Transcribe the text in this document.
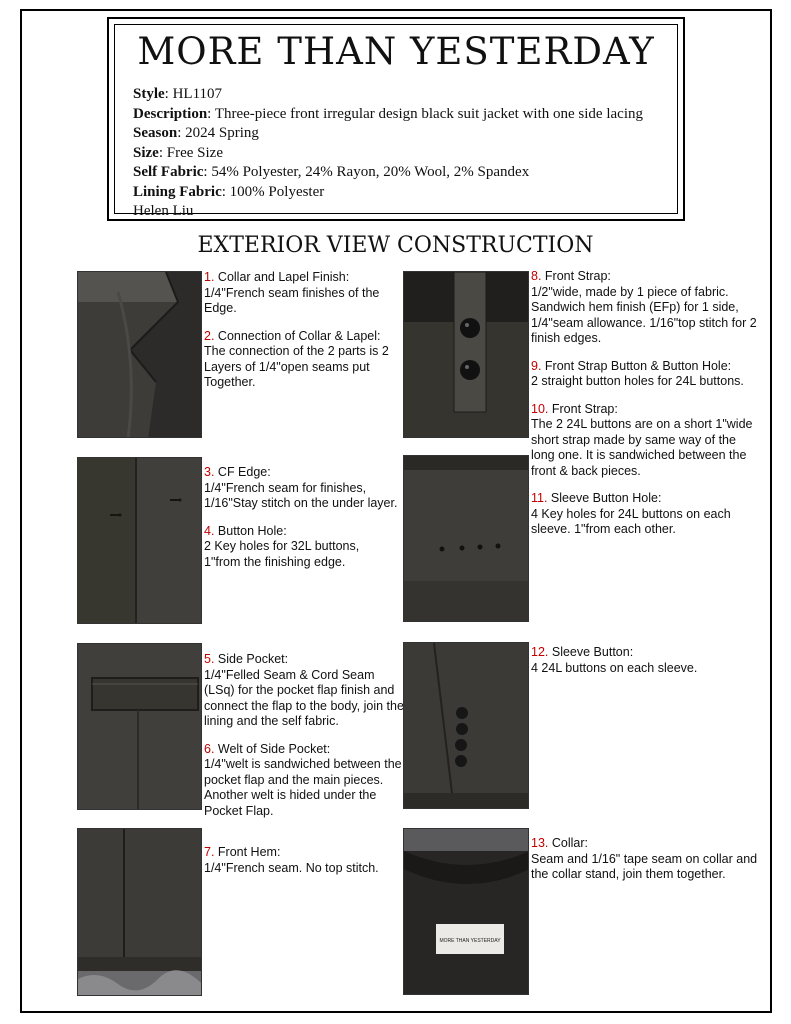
MORE THAN YESTERDAY
Style: HL1107
Description: Three-piece front irregular design black suit jacket with one side lacing
Season: 2024 Spring
Size: Free Size
Self Fabric: 54% Polyester, 24% Rayon, 20% Wool, 2% Spandex
Lining Fabric: 100% Polyester
Helen Liu
EXTERIOR VIEW CONSTRUCTION

1. Collar and Lapel Finish:
1/4"French seam finishes of the Edge.

2. Connection of Collar & Lapel:
The connection of the 2 parts is 2 Layers of 1/4"open seams put Together.

3. CF Edge:
1/4"French seam for finishes, 1/16"Stay stitch on the under layer.

4. Button Hole:
2 Key holes for 32L buttons, 1"from the finishing edge.

5. Side Pocket:
1/4"Felled Seam & Cord Seam (LSq) for the pocket flap finish and connect the flap to the body, join the lining and the self fabric.

6. Welt of Side Pocket:
1/4"welt is sandwiched between the pocket flap and the main pieces. Another welt is hided under the Pocket Flap.

7. Front Hem:
1/4"French seam. No top stitch.

8. Front Strap:
1/2"wide, made by 1 piece of fabric. Sandwich hem finish (EFp) for 1 side, 1/4"seam allowance. 1/16"top stitch for 2 finish edges.

9. Front Strap Button & Button Hole:
2 straight button holes for 24L buttons.

10. Front Strap:
The 2 24L buttons are on a short 1"wide short strap made by same way of the long one. It is sandwiched between the front & back pieces.

11. Sleeve Button Hole:
4 Key holes for 24L buttons on each sleeve. 1"from each other.

12. Sleeve Button:
4 24L buttons on each sleeve.

MORE THAN YESTERDAY

13. Collar:
Seam and 1/16" tape seam on collar and the collar stand, join them together.
